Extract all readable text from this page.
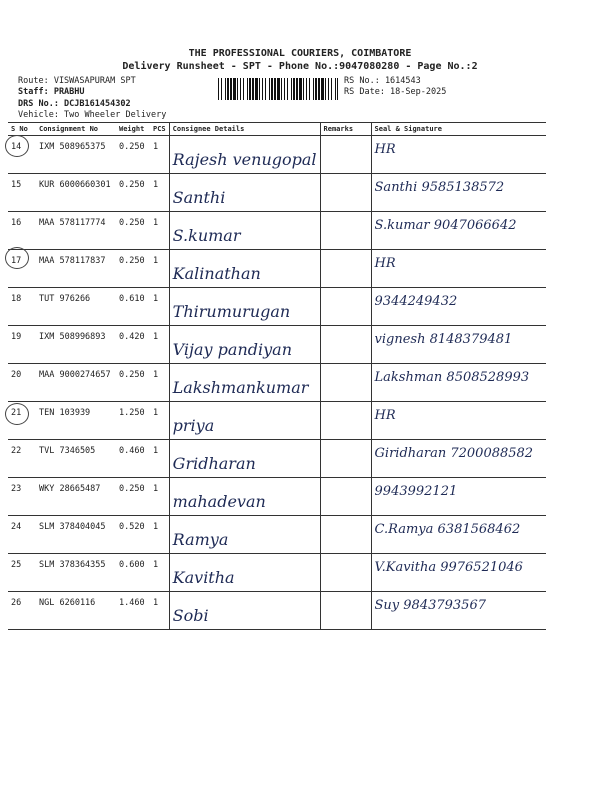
THE PROFESSIONAL COURIERS, COIMBATORE
Delivery Runsheet - SPT - Phone No.:9047080280 - Page No.:2
Route: VISWASAPURAM SPT
Staff: PRABHU
DRS No.: DCJB161454302
Vehicle: Two Wheeler Delivery
RS No.: 1614543
RS Date: 18-Sep-2025
S No	Consignment No	Weight	PCS	Consignee Details	Remarks	Seal & Signature
14	IXM 508965375	0.250	1	Rajesh venugopal		HR
15	KUR 6000660301	0.250	1	Santhi		Santhi 9585138572
16	MAA 578117774	0.250	1	S.kumar		S.kumar 9047066642
17	MAA 578117837	0.250	1	Kalinathan		HR
18	TUT 976266	0.610	1	Thirumurugan		9344249432
19	IXM 508996893	0.420	1	Vijay pandiyan		vignesh 8148379481
20	MAA 9000274657	0.250	1	Lakshmankumar		Lakshman 8508528993
21	TEN 103939	1.250	1	priya		HR
22	TVL 7346505	0.460	1	Gridharan		Giridharan 7200088582
23	WKY 28665487	0.250	1	mahadevan		9943992121
24	SLM 378404045	0.520	1	Ramya		C.Ramya 6381568462
25	SLM 378364355	0.600	1	Kavitha		V.Kavitha 9976521046
26	NGL 6260116	1.460	1	Sobi		Suy 9843793567
